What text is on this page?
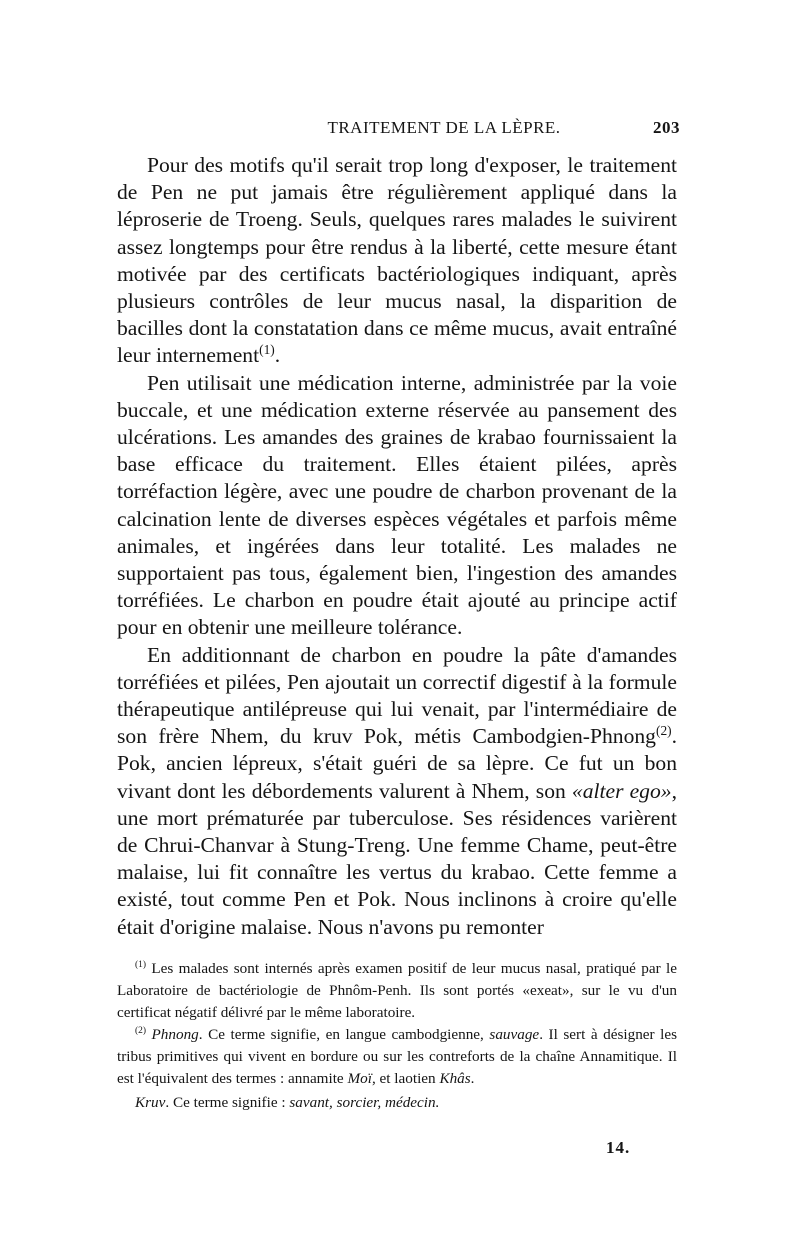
TRAITEMENT DE LA LÈPRE.	203

Pour des motifs qu'il serait trop long d'exposer, le traitement de Pen ne put jamais être régulièrement appliqué dans la léproserie de Troeng. Seuls, quelques rares malades le suivirent assez longtemps pour être rendus à la liberté, cette mesure étant motivée par des certificats bactériologiques indiquant, après plusieurs contrôles de leur mucus nasal, la disparition de bacilles dont la constatation dans ce même mucus, avait entraîné leur internement$^{(1)}$.

Pen utilisait une médication interne, administrée par la voie buccale, et une médication externe réservée au pansement des ulcérations. Les amandes des graines de krabao fournissaient la base efficace du traitement. Elles étaient pilées, après torréfaction légère, avec une poudre de charbon provenant de la calcination lente de diverses espèces végétales et parfois même animales, et ingérées dans leur totalité. Les malades ne supportaient pas tous, également bien, l'ingestion des amandes torréfiées. Le charbon en poudre était ajouté au principe actif pour en obtenir une meilleure tolérance.

En additionnant de charbon en poudre la pâte d'amandes torréfiées et pilées, Pen ajoutait un correctif digestif à la formule thérapeutique antilépreuse qui lui venait, par l'intermédiaire de son frère Nhem, du kruv Pok, métis Cambodgien-Phnong$^{(2)}$. Pok, ancien lépreux, s'était guéri de sa lèpre. Ce fut un bon vivant dont les débordements valurent à Nhem, son «alter ego», une mort prématurée par tuberculose. Ses résidences varièrent de Chrui-Chanvar à Stung-Treng. Une femme Chame, peut-être malaise, lui fit connaître les vertus du krabao. Cette femme a existé, tout comme Pen et Pok. Nous inclinons à croire qu'elle était d'origine malaise. Nous n'avons pu remonter

$^{(1)}$ Les malades sont internés après examen positif de leur mucus nasal, pratiqué par le Laboratoire de bactériologie de Phnôm-Penh. Ils sont portés «exeat», sur le vu d'un certificat négatif délivré par le même laboratoire.

$^{(2)}$ Phnong. Ce terme signifie, en langue cambodgienne, sauvage. Il sert à désigner les tribus primitives qui vivent en bordure ou sur les contreforts de la chaîne Annamitique. Il est l'équivalent des termes : annamite Moï, et laotien Khâs.

Kruv. Ce terme signifie : savant, sorcier, médecin.

14.
